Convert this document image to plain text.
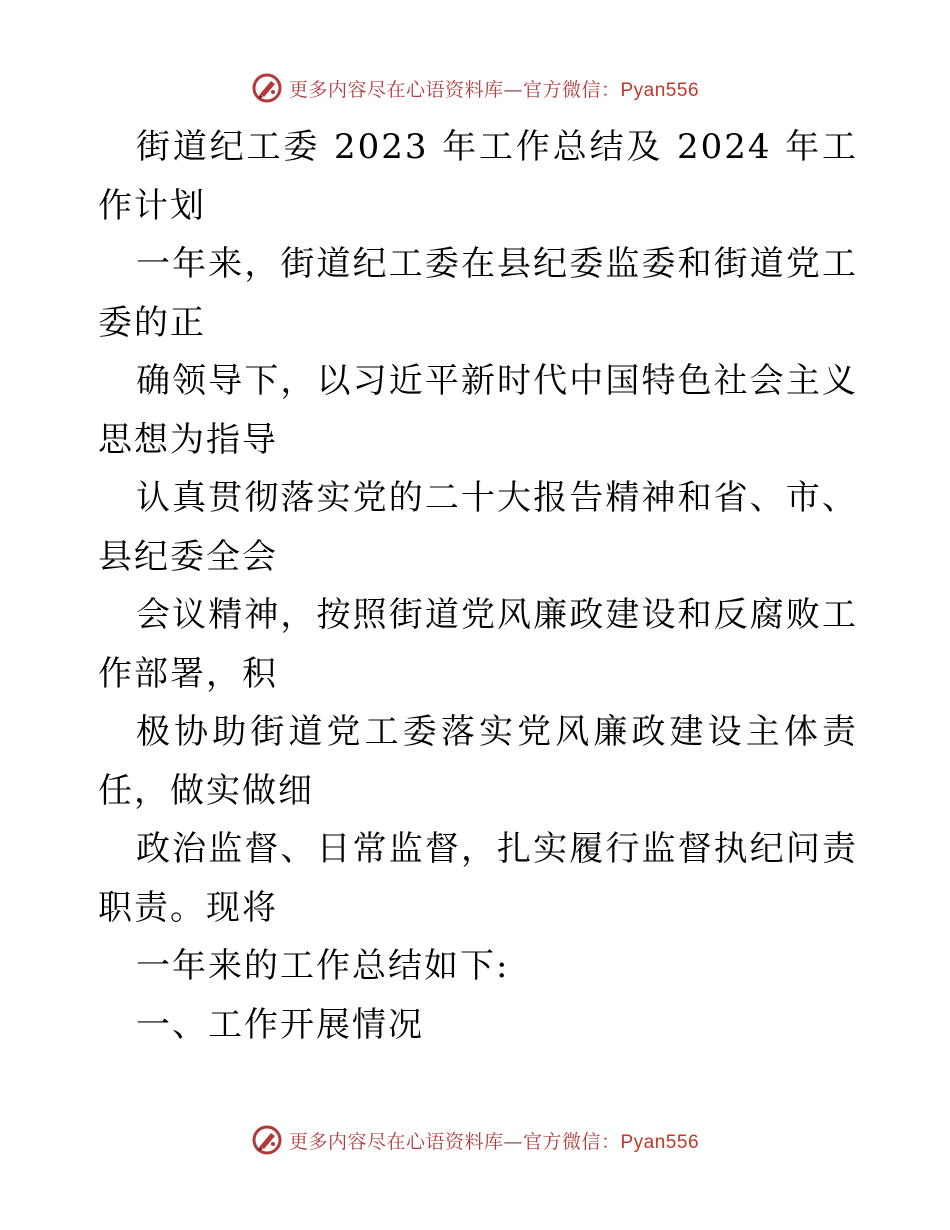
更多内容尽在心语资料库—官方微信：Pyan556

街道纪工委 2023 年工作总结及 2024 年工作计划

一年来，街道纪工委在县纪委监委和街道党工委的正

确领导下，以习近平新时代中国特色社会主义思想为指导

认真贯彻落实党的二十大报告精神和省、市、县纪委全会

会议精神，按照街道党风廉政建设和反腐败工作部署，积

极协助街道党工委落实党风廉政建设主体责任，做实做细

政治监督、日常监督，扎实履行监督执纪问责职责。现将

一年来的工作总结如下:

一、工作开展情况

更多内容尽在心语资料库—官方微信：Pyan556
